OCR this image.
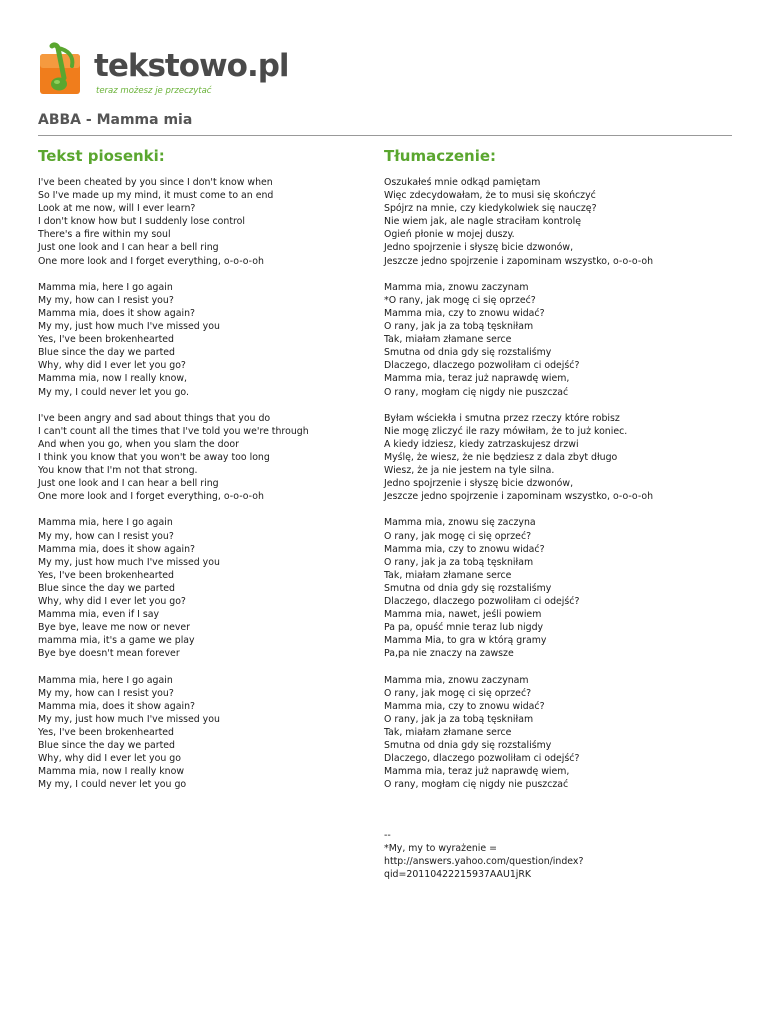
tekstowo.pl
teraz możesz je przeczytać
ABBA - Mamma mia
Tekst piosenki:
I've been cheated by you since I don't know when
So I've made up my mind, it must come to an end
Look at me now, will I ever learn?
I don't know how but I suddenly lose control
There's a fire within my soul
Just one look and I can hear a bell ring
One more look and I forget everything, o-o-o-oh
Mamma mia, here I go again
My my, how can I resist you?
Mamma mia, does it show again?
My my, just how much I've missed you
Yes, I've been brokenhearted
Blue since the day we parted
Why, why did I ever let you go?
Mamma mia, now I really know,
My my, I could never let you go.
I've been angry and sad about things that you do
I can't count all the times that I've told you we're through
And when you go, when you slam the door
I think you know that you won't be away too long
You know that I'm not that strong.
Just one look and I can hear a bell ring
One more look and I forget everything, o-o-o-oh
Mamma mia, here I go again
My my, how can I resist you?
Mamma mia, does it show again?
My my, just how much I've missed you
Yes, I've been brokenhearted
Blue since the day we parted
Why, why did I ever let you go?
Mamma mia, even if I say
Bye bye, leave me now or never
mamma mia, it's a game we play
Bye bye doesn't mean forever
Mamma mia, here I go again
My my, how can I resist you?
Mamma mia, does it show again?
My my, just how much I've missed you
Yes, I've been brokenhearted
Blue since the day we parted
Why, why did I ever let you go
Mamma mia, now I really know
My my, I could never let you go
Tłumaczenie:
Oszukałeś mnie odkąd pamiętam
Więc zdecydowałam, że to musi się skończyć
Spójrz na mnie, czy kiedykolwiek się nauczę?
Nie wiem jak, ale nagle straciłam kontrolę
Ogień płonie w mojej duszy.
Jedno spojrzenie i słyszę bicie dzwonów,
Jeszcze jedno spojrzenie i zapominam wszystko, o-o-o-oh
Mamma mia, znowu zaczynam
*O rany, jak mogę ci się oprzeć?
Mamma mia, czy to znowu widać?
O rany, jak ja za tobą tęskniłam
Tak, miałam złamane serce
Smutna od dnia gdy się rozstaliśmy
Dlaczego, dlaczego pozwoliłam ci odejść?
Mamma mia, teraz już naprawdę wiem,
O rany, mogłam cię nigdy nie puszczać
Byłam wściekła i smutna przez rzeczy które robisz
Nie mogę zliczyć ile razy mówiłam, że to już koniec.
A kiedy idziesz, kiedy zatrzaskujesz drzwi
Myślę, że wiesz, że nie będziesz z dala zbyt długo
Wiesz, że ja nie jestem na tyle silna.
Jedno spojrzenie i słyszę bicie dzwonów,
Jeszcze jedno spojrzenie i zapominam wszystko, o-o-o-oh
Mamma mia, znowu się zaczyna
O rany, jak mogę ci się oprzeć?
Mamma mia, czy to znowu widać?
O rany, jak ja za tobą tęskniłam
Tak, miałam złamane serce
Smutna od dnia gdy się rozstaliśmy
Dlaczego, dlaczego pozwoliłam ci odejść?
Mamma mia, nawet, jeśli powiem
Pa pa, opuść mnie teraz lub nigdy
Mamma Mia, to gra w którą gramy
Pa,pa nie znaczy na zawsze
Mamma mia, znowu zaczynam
O rany, jak mogę ci się oprzeć?
Mamma mia, czy to znowu widać?
O rany, jak ja za tobą tęskniłam
Tak, miałam złamane serce
Smutna od dnia gdy się rozstaliśmy
Dlaczego, dlaczego pozwoliłam ci odejść?
Mamma mia, teraz już naprawdę wiem,
O rany, mogłam cię nigdy nie puszczać
--
*My, my to wyrażenie =
http://answers.yahoo.com/question/index?
qid=20110422215937AAU1jRK
